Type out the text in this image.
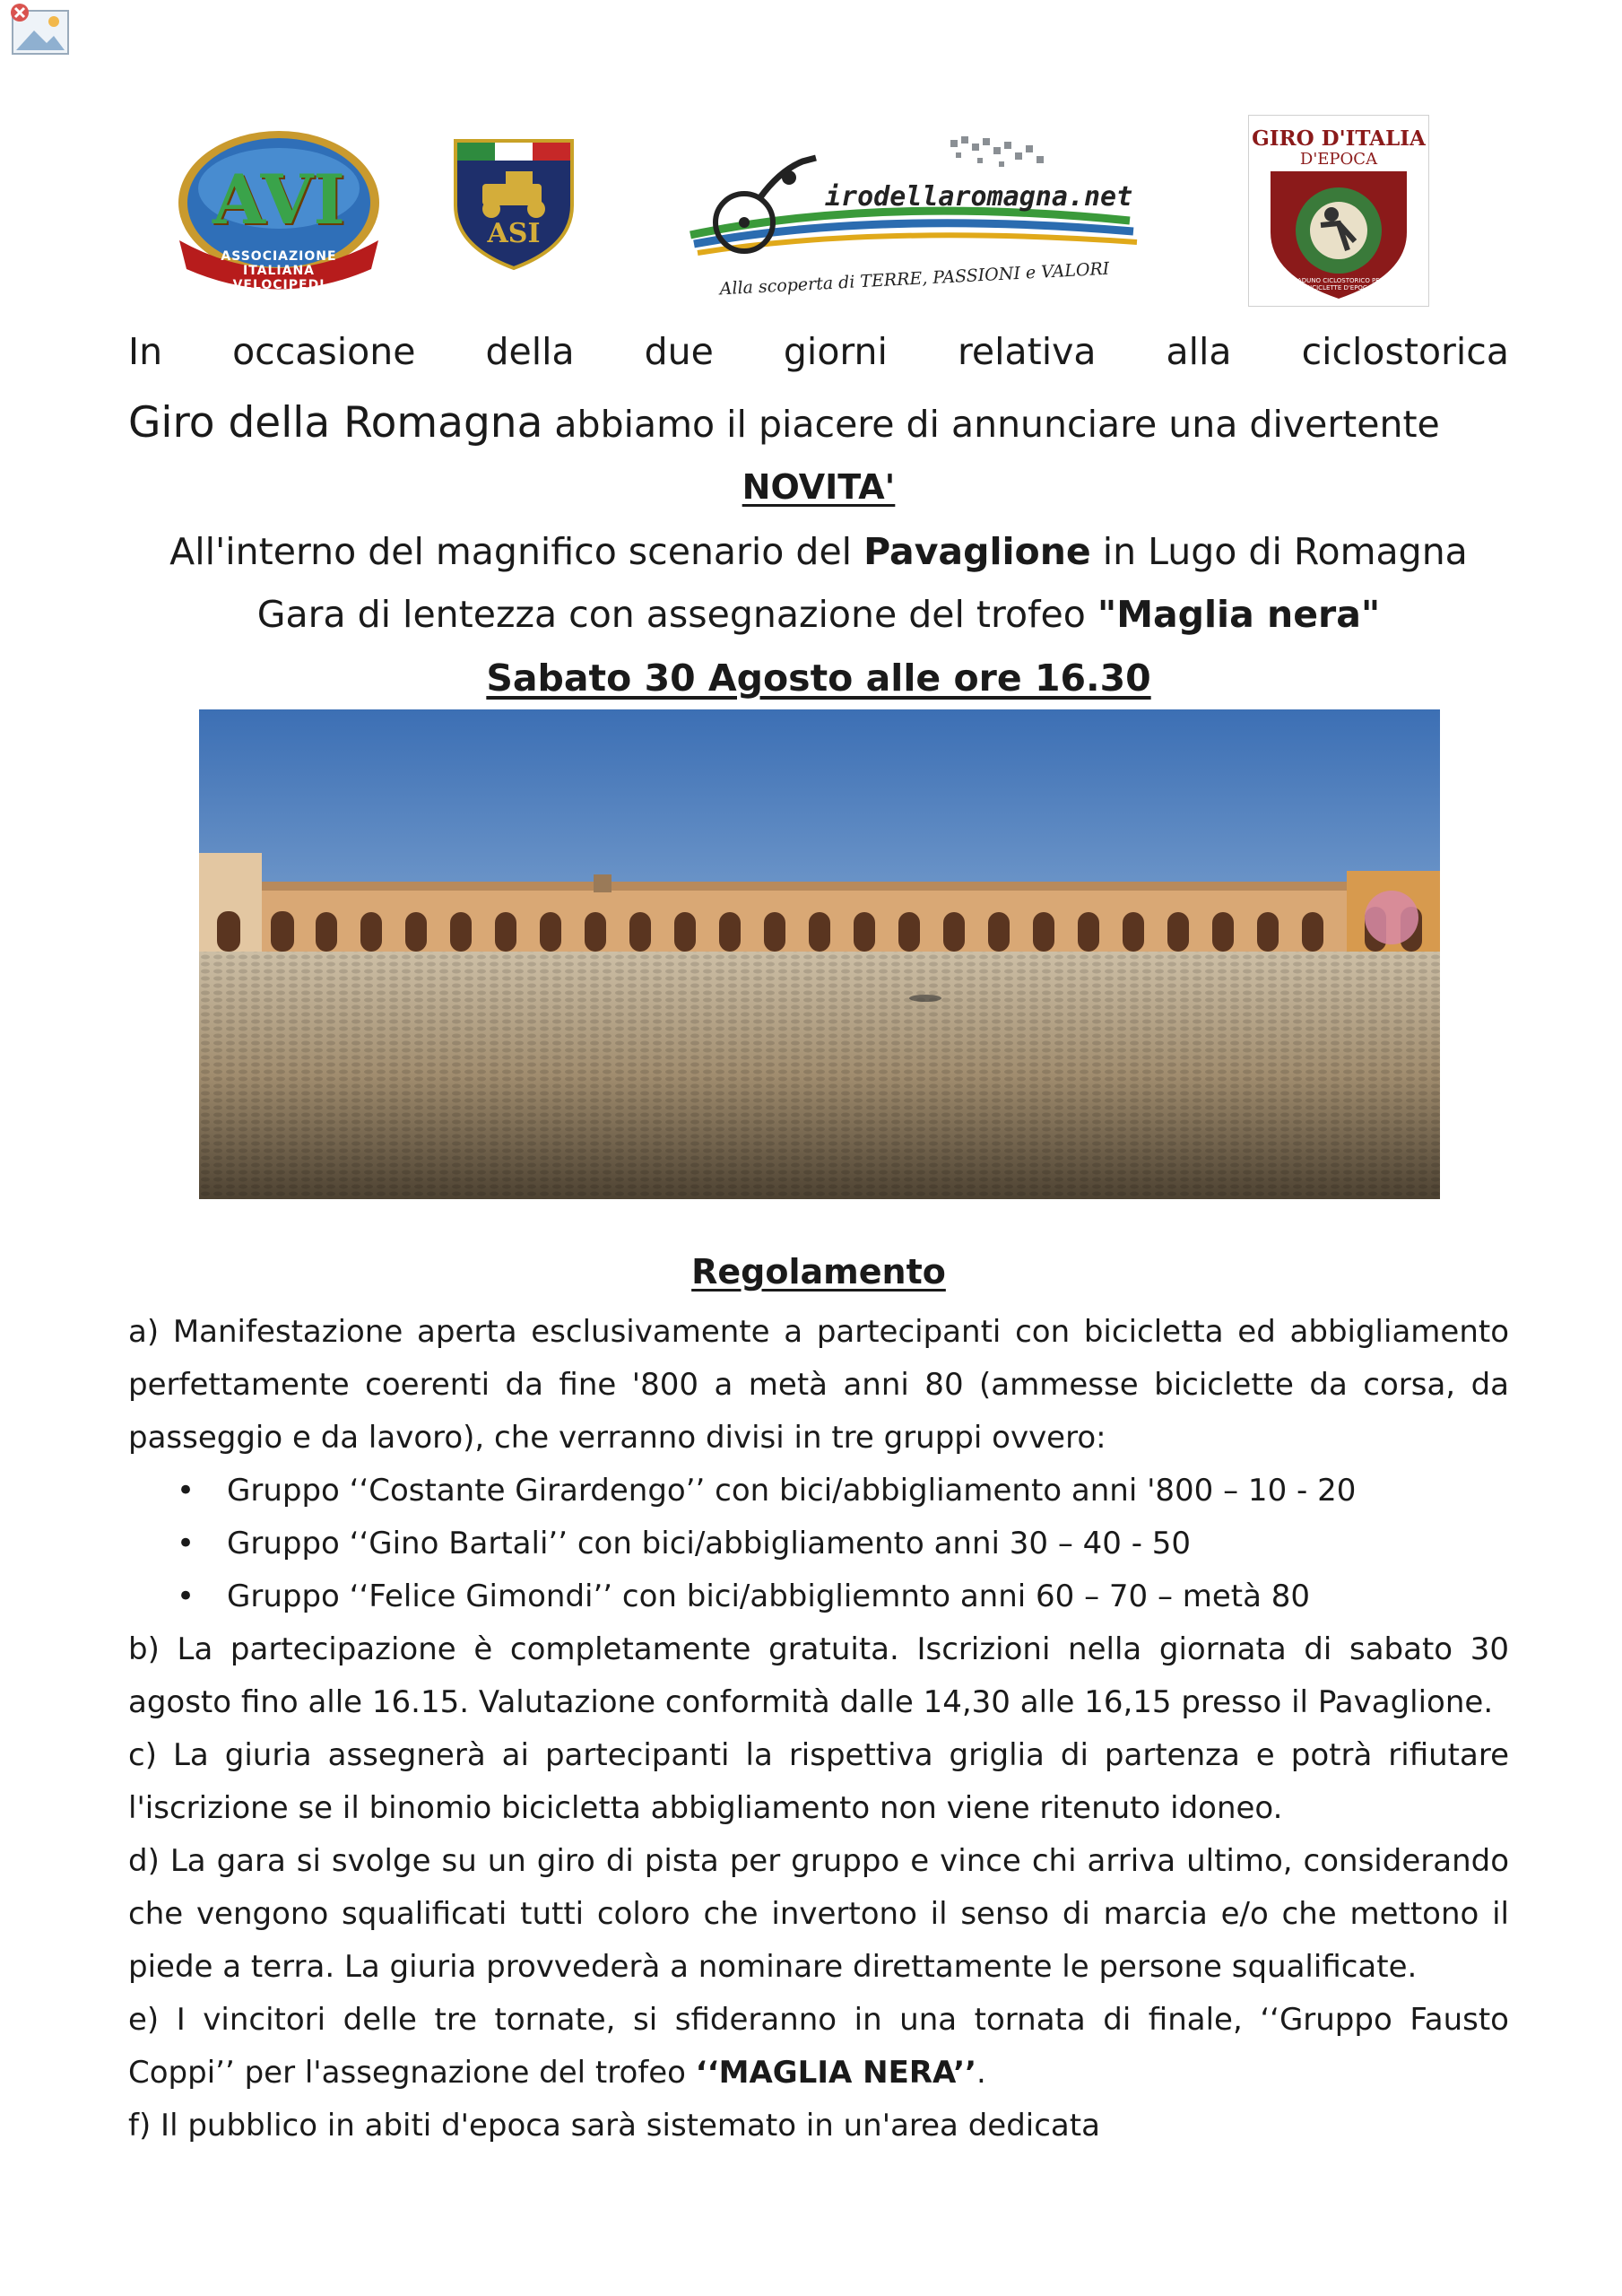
AVI
ASSOCIAZIONE ITALIANA VELOCIPEDI
ASI
irodellaromagna.net
Alla scoperta di TERRE, PASSIONI e VALORI
GIRO D'ITALIA
D'EPOCA
RADUNO CICLOSTORICO PER BICICLETTE D'EPOCA
In occasione della due giorni relativa alla ciclostorica
Giro della Romagna abbiamo il piacere di annunciare una divertente
NOVITA'
All'interno del magnifico scenario del Pavaglione in Lugo di Romagna
Gara di lentezza con assegnazione del trofeo "Maglia nera"
Sabato 30 Agosto alle ore 16.30
Regolamento

a) Manifestazione aperta esclusivamente a partecipanti con bicicletta ed abbigliamento perfettamente coerenti da fine '800 a metà anni 80 (ammesse biciclette da corsa, da passeggio e da lavoro), che verranno divisi in tre gruppi ovvero:

• Gruppo ‘‘Costante Girardengo’’ con bici/abbigliamento anni '800 – 10 - 20
• Gruppo ‘‘Gino Bartali’’ con bici/abbigliamento anni 30 – 40 - 50
• Gruppo ‘‘Felice Gimondi’’ con bici/abbigliemnto anni 60 – 70 – metà 80

b) La partecipazione è completamente gratuita. Iscrizioni nella giornata di sabato 30 agosto fino alle 16.15. Valutazione conformità dalle 14,30 alle 16,15 presso il Pavaglione.

c) La giuria assegnerà ai partecipanti la rispettiva griglia di partenza e potrà rifiutare l'iscrizione se il binomio bicicletta abbigliamento non viene ritenuto idoneo.

d) La gara si svolge su un giro di pista per gruppo e vince chi arriva ultimo, considerando che vengono squalificati tutti coloro che invertono il senso di marcia e/o che mettono il piede a terra. La giuria provvederà a nominare direttamente le persone squalificate.

e) I vincitori delle tre tornate, si sfideranno in una tornata di finale, ‘‘Gruppo Fausto Coppi’’ per l'assegnazione del trofeo ‘‘MAGLIA NERA’’.

f) Il pubblico in abiti d'epoca sarà sistemato in un'area dedicata
